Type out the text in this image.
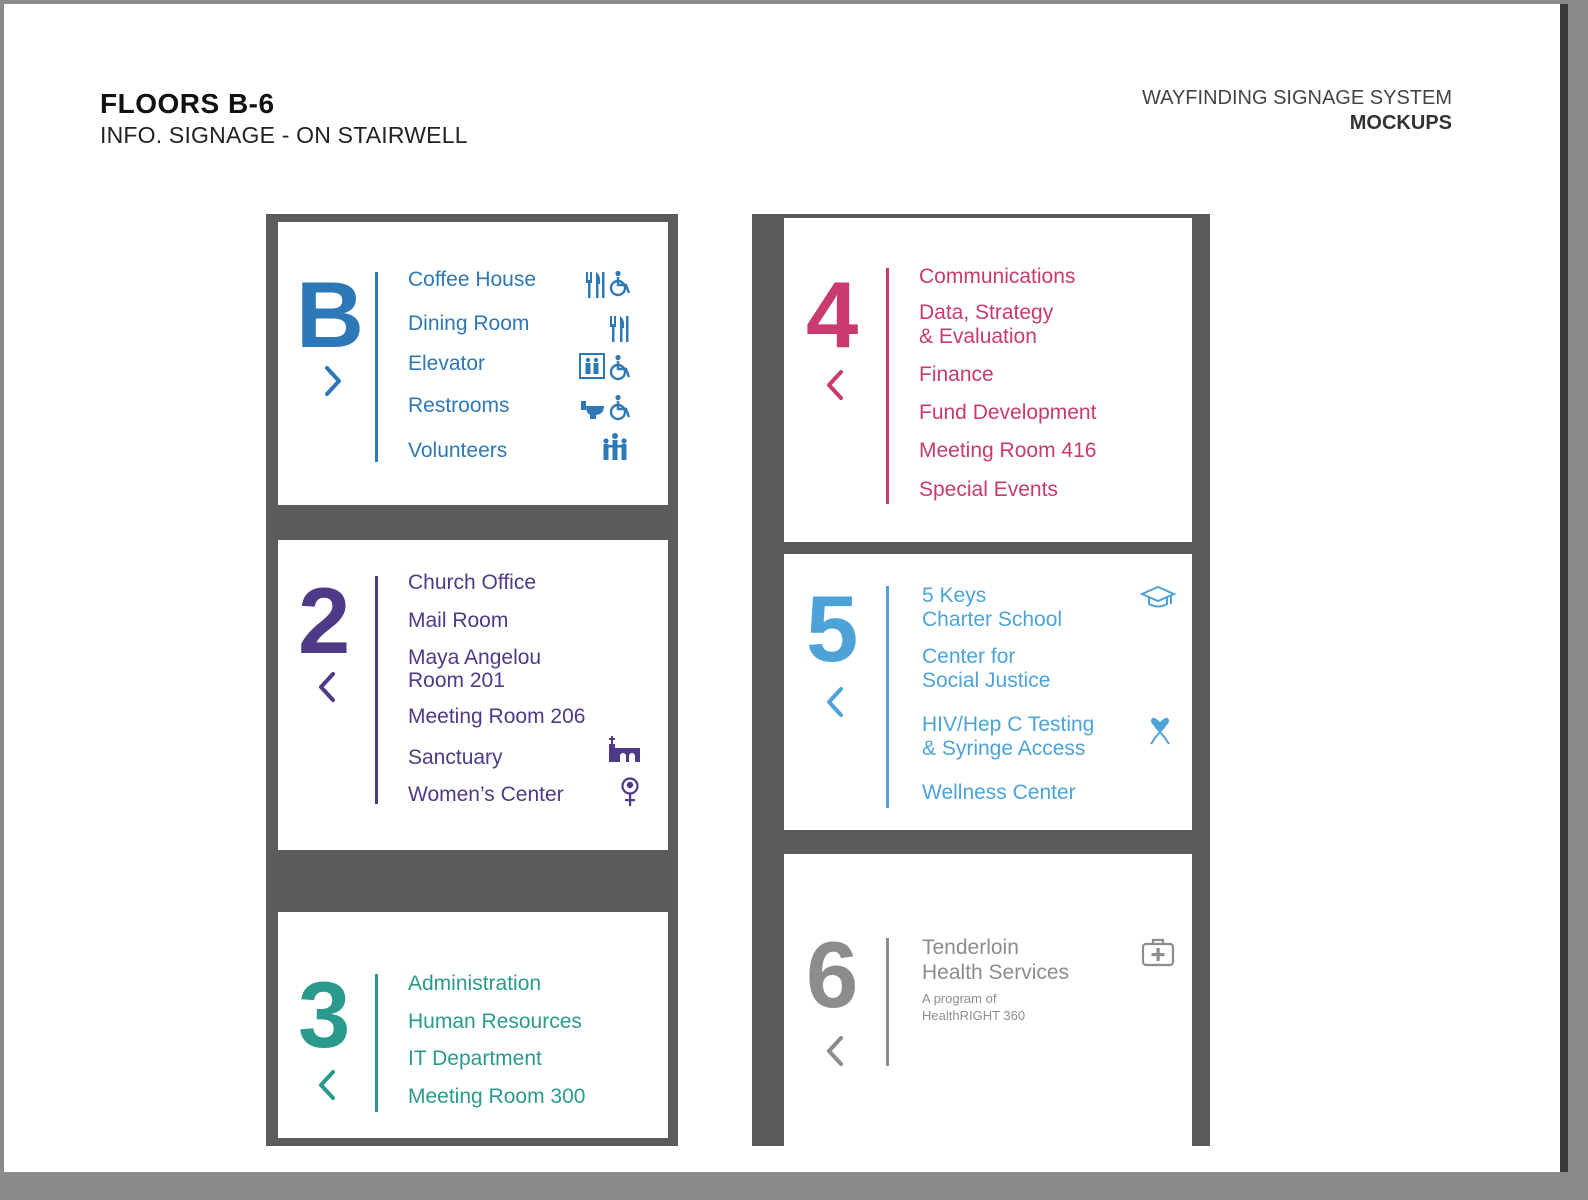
FLOORS B-6
INFO. SIGNAGE - ON STAIRWELL
WAYFINDING SIGNAGE SYSTEM
MOCKUPS
B Coffee House
Dining Room
Elevator
Restrooms
Volunteers
2	Church Office
Mail Room
Maya Angelou
Room 201
Meeting Room 206
Sanctuary
Women’s Center
3	Administration
Human Resources
IT Department
Meeting Room 300
4	Communications
Data, Strategy
& Evaluation
Finance
Fund Development
Meeting Room 416
Special Events
5	5 Keys
Charter School
Center for
Social Justice
HIV/Hep C Testing
& Syringe Access
Wellness Center
6	Tenderloin
Health Services
A program of
HealthRIGHT 360
